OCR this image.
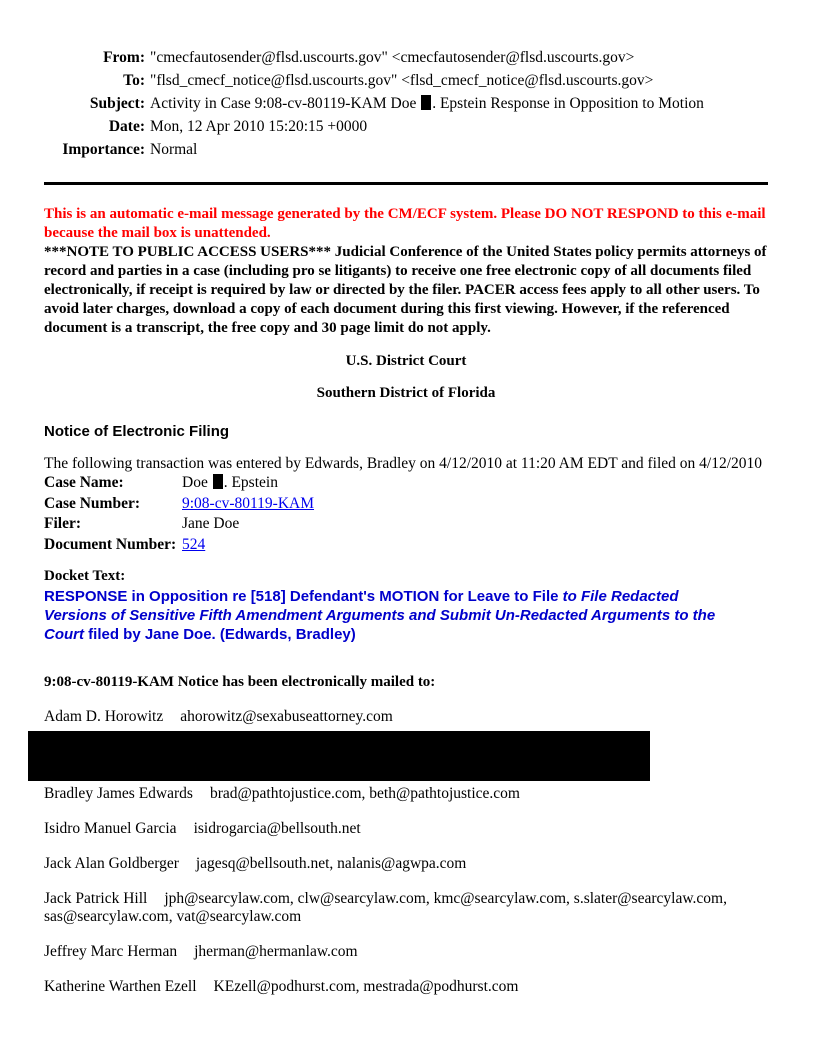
From: "cmecfautosender@flsd.uscourts.gov" <cmecfautosender@flsd.uscourts.gov>
To: "flsd_cmecf_notice@flsd.uscourts.gov" <flsd_cmecf_notice@flsd.uscourts.gov>
Subject: Activity in Case 9:08-cv-80119-KAM Doe . Epstein Response in Opposition to Motion
Date: Mon, 12 Apr 2010 15:20:15 +0000
Importance: Normal

This is an automatic e-mail message generated by the CM/ECF system. Please DO NOT RESPOND to this e-mail because the mail box is unattended.

***NOTE TO PUBLIC ACCESS USERS*** Judicial Conference of the United States policy permits attorneys of record and parties in a case (including pro se litigants) to receive one free electronic copy of all documents filed electronically, if receipt is required by law or directed by the filer. PACER access fees apply to all other users. To avoid later charges, download a copy of each document during this first viewing. However, if the referenced document is a transcript, the free copy and 30 page limit do not apply.

U.S. District Court

Southern District of Florida

Notice of Electronic Filing

The following transaction was entered by Edwards, Bradley on 4/12/2010 at 11:20 AM EDT and filed on 4/12/2010

Case Name:	Doe . Epstein
Case Number:	9:08-cv-80119-KAM
Filer:	Jane Doe
Document Number: 524

Docket Text:

RESPONSE in Opposition re [518] Defendant's MOTION for Leave to File to File Redacted Versions of Sensitive Fifth Amendment Arguments and Submit Un-Redacted Arguments to the Court filed by Jane Doe. (Edwards, Bradley)

9:08-cv-80119-KAM Notice has been electronically mailed to:

Adam D. Horowitz ahorowitz@sexabuseattorney.com

Bradley James Edwards brad@pathtojustice.com, beth@pathtojustice.com

Isidro Manuel Garcia isidrogarcia@bellsouth.net

Jack Alan Goldberger jagesq@bellsouth.net, nalanis@agwpa.com

Jack Patrick Hill jph@searcylaw.com, clw@searcylaw.com, kmc@searcylaw.com, s.slater@searcylaw.com, sas@searcylaw.com, vat@searcylaw.com

Jeffrey Marc Herman jherman@hermanlaw.com

Katherine Warthen Ezell KEzell@podhurst.com, mestrada@podhurst.com
